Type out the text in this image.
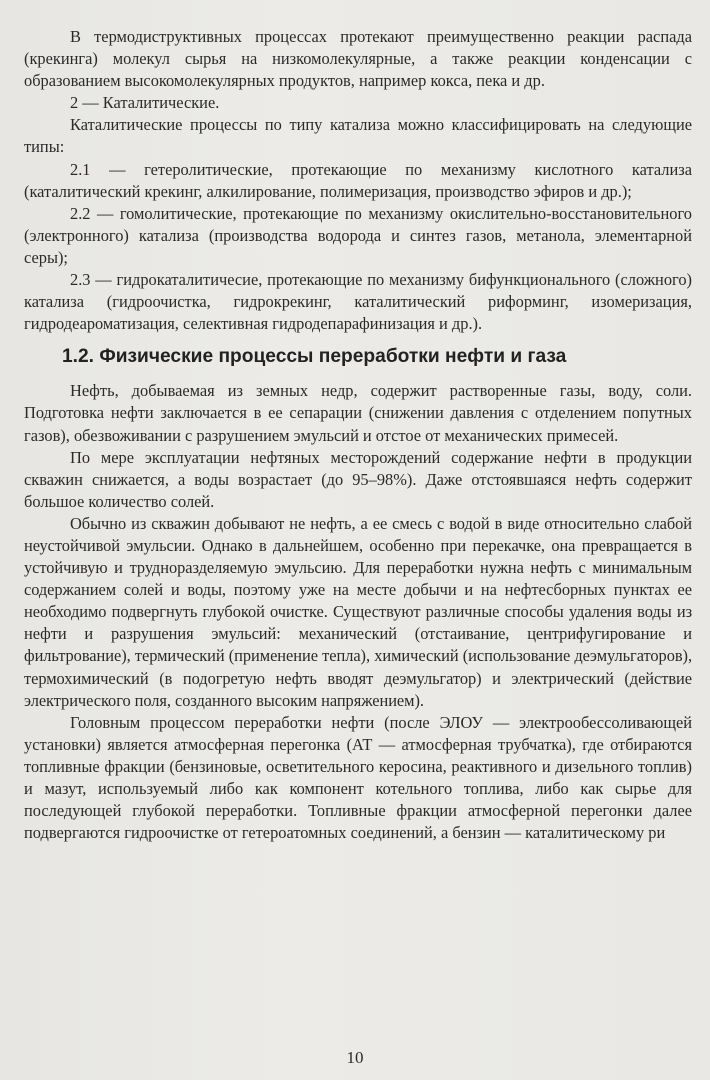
В термодиструктивных процессах протекают преимущественно реакции распада (крекинга) молекул сырья на низкомолекулярные, а также реакции конденсации с образованием высокомолекулярных продуктов, например кокса, пека и др.

2 — Каталитические.

Каталитические процессы по типу катализа можно классифицировать на следующие типы:

2.1 — гетеролитические, протекающие по механизму кислотного катализа (каталитический крекинг, алкилирование, полимеризация, производство эфиров и др.);

2.2 — гомолитические, протекающие по механизму окислительно-восстановительного (электронного) катализа (производства водорода и синтез газов, метанола, элементарной серы);

2.3 — гидрокаталитичесие, протекающие по механизму бифункционального (сложного) катализа (гидроочистка, гидрокрекинг, каталитический риформинг, изомеризация, гидродеароматизация, селективная гидродепарафинизация и др.).

1.2. Физические процессы переработки нефти и газа

Нефть, добываемая из земных недр, содержит растворенные газы, воду, соли. Подготовка нефти заключается в ее сепарации (снижении давления с отделением попутных газов), обезвоживании с разрушением эмульсий и отстое от механических примесей.

По мере эксплуатации нефтяных месторождений содержание нефти в продукции скважин снижается, а воды возрастает (до 95–98%). Даже отстоявшаяся нефть содержит большое количество солей.

Обычно из скважин добывают не нефть, а ее смесь с водой в виде относительно слабой неустойчивой эмульсии. Однако в дальнейшем, особенно при перекачке, она превращается в устойчивую и трудноразделяемую эмульсию. Для переработки нужна нефть с минимальным содержанием солей и воды, поэтому уже на месте добычи и на нефтесборных пунктах ее необходимо подвергнуть глубокой очистке. Существуют различные способы удаления воды из нефти и разрушения эмульсий: механический (отстаивание, центрифугирование и фильтрование), термический (применение тепла), химический (использование деэмульгаторов), термохимический (в подогретую нефть вводят деэмульгатор) и электрический (действие электрического поля, созданного высоким напряжением).

Головным процессом переработки нефти (после ЭЛОУ — электрообессоливающей установки) является атмосферная перегонка (АТ — атмосферная трубчатка), где отбираются топливные фракции (бензиновые, осветительного керосина, реактивного и дизельного топлив) и мазут, используемый либо как компонент котельного топлива, либо как сырье для последующей глубокой переработки. Топливные фракции атмосферной перегонки далее подвергаются гидроочистке от гетероатомных соединений, а бензин — каталитическому ри

10
